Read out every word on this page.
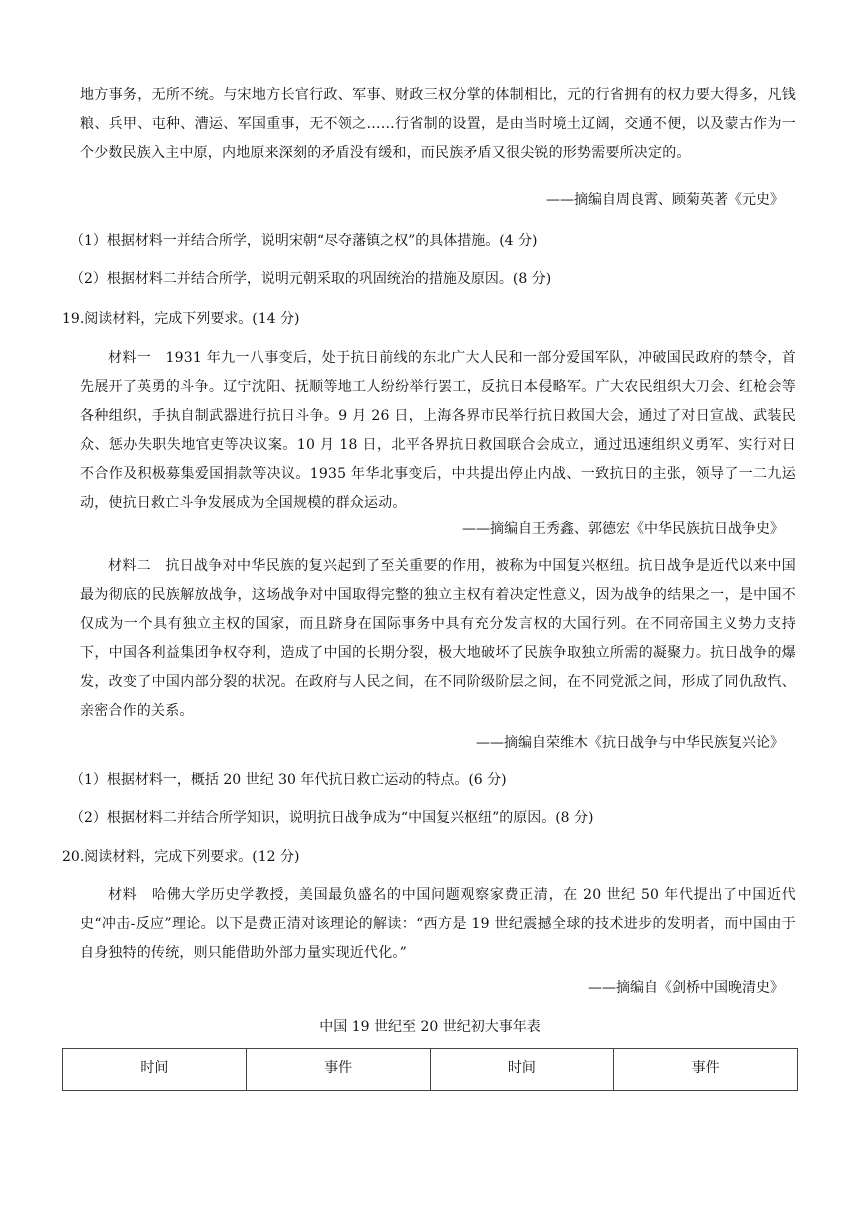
地方事务，无所不统。与宋地方长官行政、军事、财政三权分掌的体制相比，元的行省拥有的权力要大得多，凡钱粮、兵甲、屯种、漕运、军国重事，无不领之……行省制的设置，是由当时境土辽阔，交通不便，以及蒙古作为一个少数民族入主中原，内地原来深刻的矛盾没有缓和，而民族矛盾又很尖锐的形势需要所决定的。

——摘编自周良霄、顾菊英著《元史》
（1）根据材料一并结合所学，说明宋朝“尽夺藩镇之权”的具体措施。(4 分)
（2）根据材料二并结合所学，说明元朝采取的巩固统治的措施及原因。(8 分)
19.阅读材料，完成下列要求。(14 分)

材料一　1931 年九一八事变后，处于抗日前线的东北广大人民和一部分爱国军队，冲破国民政府的禁令，首先展开了英勇的斗争。辽宁沈阳、抚顺等地工人纷纷举行罢工，反抗日本侵略军。广大农民组织大刀会、红枪会等各种组织，手执自制武器进行抗日斗争。9 月 26 日，上海各界市民举行抗日救国大会，通过了对日宣战、武装民众、惩办失职失地官吏等决议案。10 月 18 日，北平各界抗日救国联合会成立，通过迅速组织义勇军、实行对日不合作及积极募集爱国捐款等决议。1935 年华北事变后，中共提出停止内战、一致抗日的主张，领导了一二九运动，使抗日救亡斗争发展成为全国规模的群众运动。

——摘编自王秀鑫、郭德宏《中华民族抗日战争史》

材料二　抗日战争对中华民族的复兴起到了至关重要的作用，被称为中国复兴枢纽。抗日战争是近代以来中国最为彻底的民族解放战争，这场战争对中国取得完整的独立主权有着决定性意义，因为战争的结果之一，是中国不仅成为一个具有独立主权的国家，而且跻身在国际事务中具有充分发言权的大国行列。在不同帝国主义势力支持下，中国各利益集团争权夺利，造成了中国的长期分裂，极大地破坏了民族争取独立所需的凝聚力。抗日战争的爆发，改变了中国内部分裂的状况。在政府与人民之间，在不同阶级阶层之间，在不同党派之间，形成了同仇敌忾、亲密合作的关系。

——摘编自荣维木《抗日战争与中华民族复兴论》
（1）根据材料一，概括 20 世纪 30 年代抗日救亡运动的特点。(6 分)
（2）根据材料二并结合所学知识，说明抗日战争成为“中国复兴枢纽”的原因。(8 分)
20.阅读材料，完成下列要求。(12 分)

材料　哈佛大学历史学教授，美国最负盛名的中国问题观察家费正清，在 20 世纪 50 年代提出了中国近代史“冲击-反应”理论。以下是费正清对该理论的解读：“西方是 19 世纪震撼全球的技术进步的发明者，而中国由于自身独特的传统，则只能借助外部力量实现近代化。”

——摘编自《剑桥中国晚清史》
中国 19 世纪至 20 世纪初大事年表
时间	事件	时间	事件
